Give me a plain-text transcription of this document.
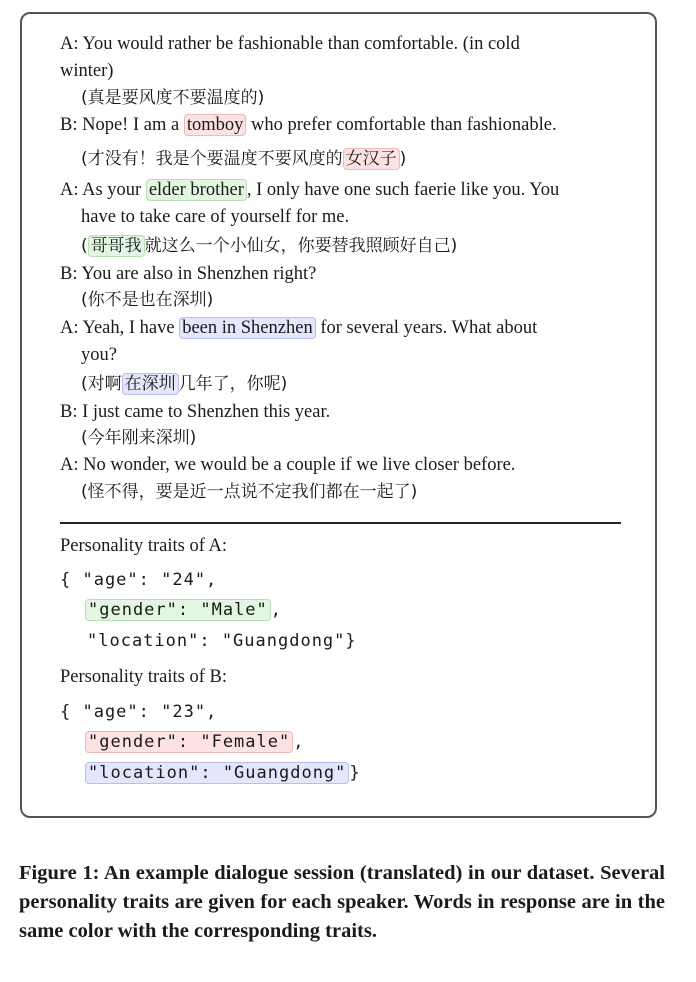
A: You would rather be fashionable than comfortable. (in cold
winter)
(真是要风度不要温度的)
B: Nope! I am a tomboy who prefer comfortable than fashionable.
(才没有！我是个要温度不要风度的 女汉子 )
A: As your elder brother , I only have one such faerie like you. You
have to take care of yourself for me.
( 哥哥我 就这么一个小仙女，你要替我照顾好自己)
B: You are also in Shenzhen right?
(你不是也在深圳)
A: Yeah, I have been in Shenzhen for several years. What about
you?
(对啊 在深圳 几年了，你呢)
B: I just came to Shenzhen this year.
(今年刚来深圳)
A: No wonder, we would be a couple if we live closer before.
(怪不得，要是近一点说不定我们都在一起了)
Personality traits of A:
{ "age": "24",
"gender": "Male" ,
"location": "Guangdong"}
Personality traits of B:
{ "age": "23",
"gender": "Female" ,
"location": "Guangdong" }
Figure 1: An example dialogue session (translated) in our dataset. Several personality traits are given for each speaker. Words in response are in the same color with the corresponding traits.
